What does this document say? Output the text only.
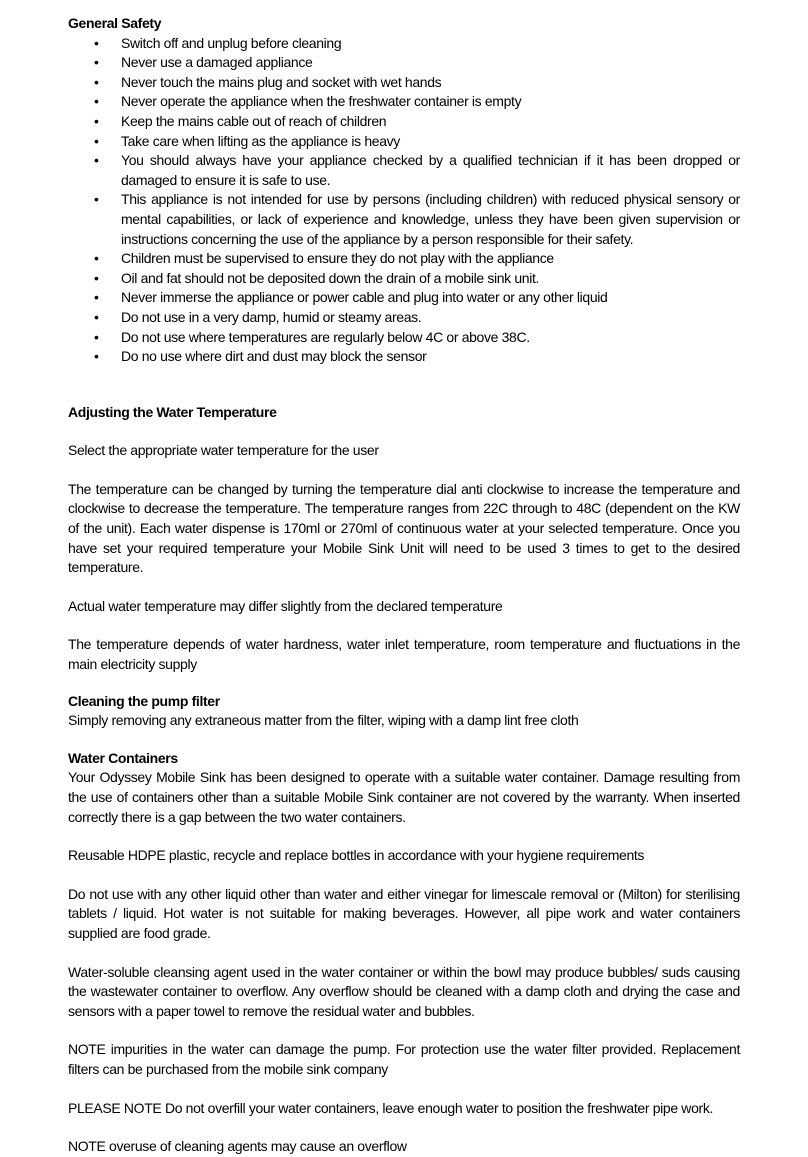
General Safety
• Switch off and unplug before cleaning
• Never use a damaged appliance
• Never touch the mains plug and socket with wet hands
• Never operate the appliance when the freshwater container is empty
• Keep the mains cable out of reach of children
• Take care when lifting as the appliance is heavy
• You should always have your appliance checked by a qualified technician if it has been dropped or damaged to ensure it is safe to use.
• This appliance is not intended for use by persons (including children) with reduced physical sensory or mental capabilities, or lack of experience and knowledge, unless they have been given supervision or instructions concerning the use of the appliance by a person responsible for their safety.
• Children must be supervised to ensure they do not play with the appliance
• Oil and fat should not be deposited down the drain of a mobile sink unit.
• Never immerse the appliance or power cable and plug into water or any other liquid
• Do not use in a very damp, humid or steamy areas.
• Do not use where temperatures are regularly below 4C or above 38C.
• Do no use where dirt and dust may block the sensor
Adjusting the Water Temperature

Select the appropriate water temperature for the user

The temperature can be changed by turning the temperature dial anti clockwise to increase the temperature and clockwise to decrease the temperature. The temperature ranges from 22C through to 48C (dependent on the KW of the unit). Each water dispense is 170ml or 270ml of continuous water at your selected temperature. Once you have set your required temperature your Mobile Sink Unit will need to be used 3 times to get to the desired temperature.

Actual water temperature may differ slightly from the declared temperature

The temperature depends of water hardness, water inlet temperature, room temperature and fluctuations in the main electricity supply

Cleaning the pump filter

Simply removing any extraneous matter from the filter, wiping with a damp lint free cloth

Water Containers

Your Odyssey Mobile Sink has been designed to operate with a suitable water container. Damage resulting from the use of containers other than a suitable Mobile Sink container are not covered by the warranty. When inserted correctly there is a gap between the two water containers.

Reusable HDPE plastic, recycle and replace bottles in accordance with your hygiene requirements

Do not use with any other liquid other than water and either vinegar for limescale removal or (Milton) for sterilising tablets / liquid. Hot water is not suitable for making beverages. However, all pipe work and water containers supplied are food grade.

Water-soluble cleansing agent used in the water container or within the bowl may produce bubbles/ suds causing the wastewater container to overflow. Any overflow should be cleaned with a damp cloth and drying the case and sensors with a paper towel to remove the residual water and bubbles.

NOTE impurities in the water can damage the pump. For protection use the water filter provided. Replacement filters can be purchased from the mobile sink company

PLEASE NOTE Do not overfill your water containers, leave enough water to position the freshwater pipe work.

NOTE overuse of cleaning agents may cause an overflow
